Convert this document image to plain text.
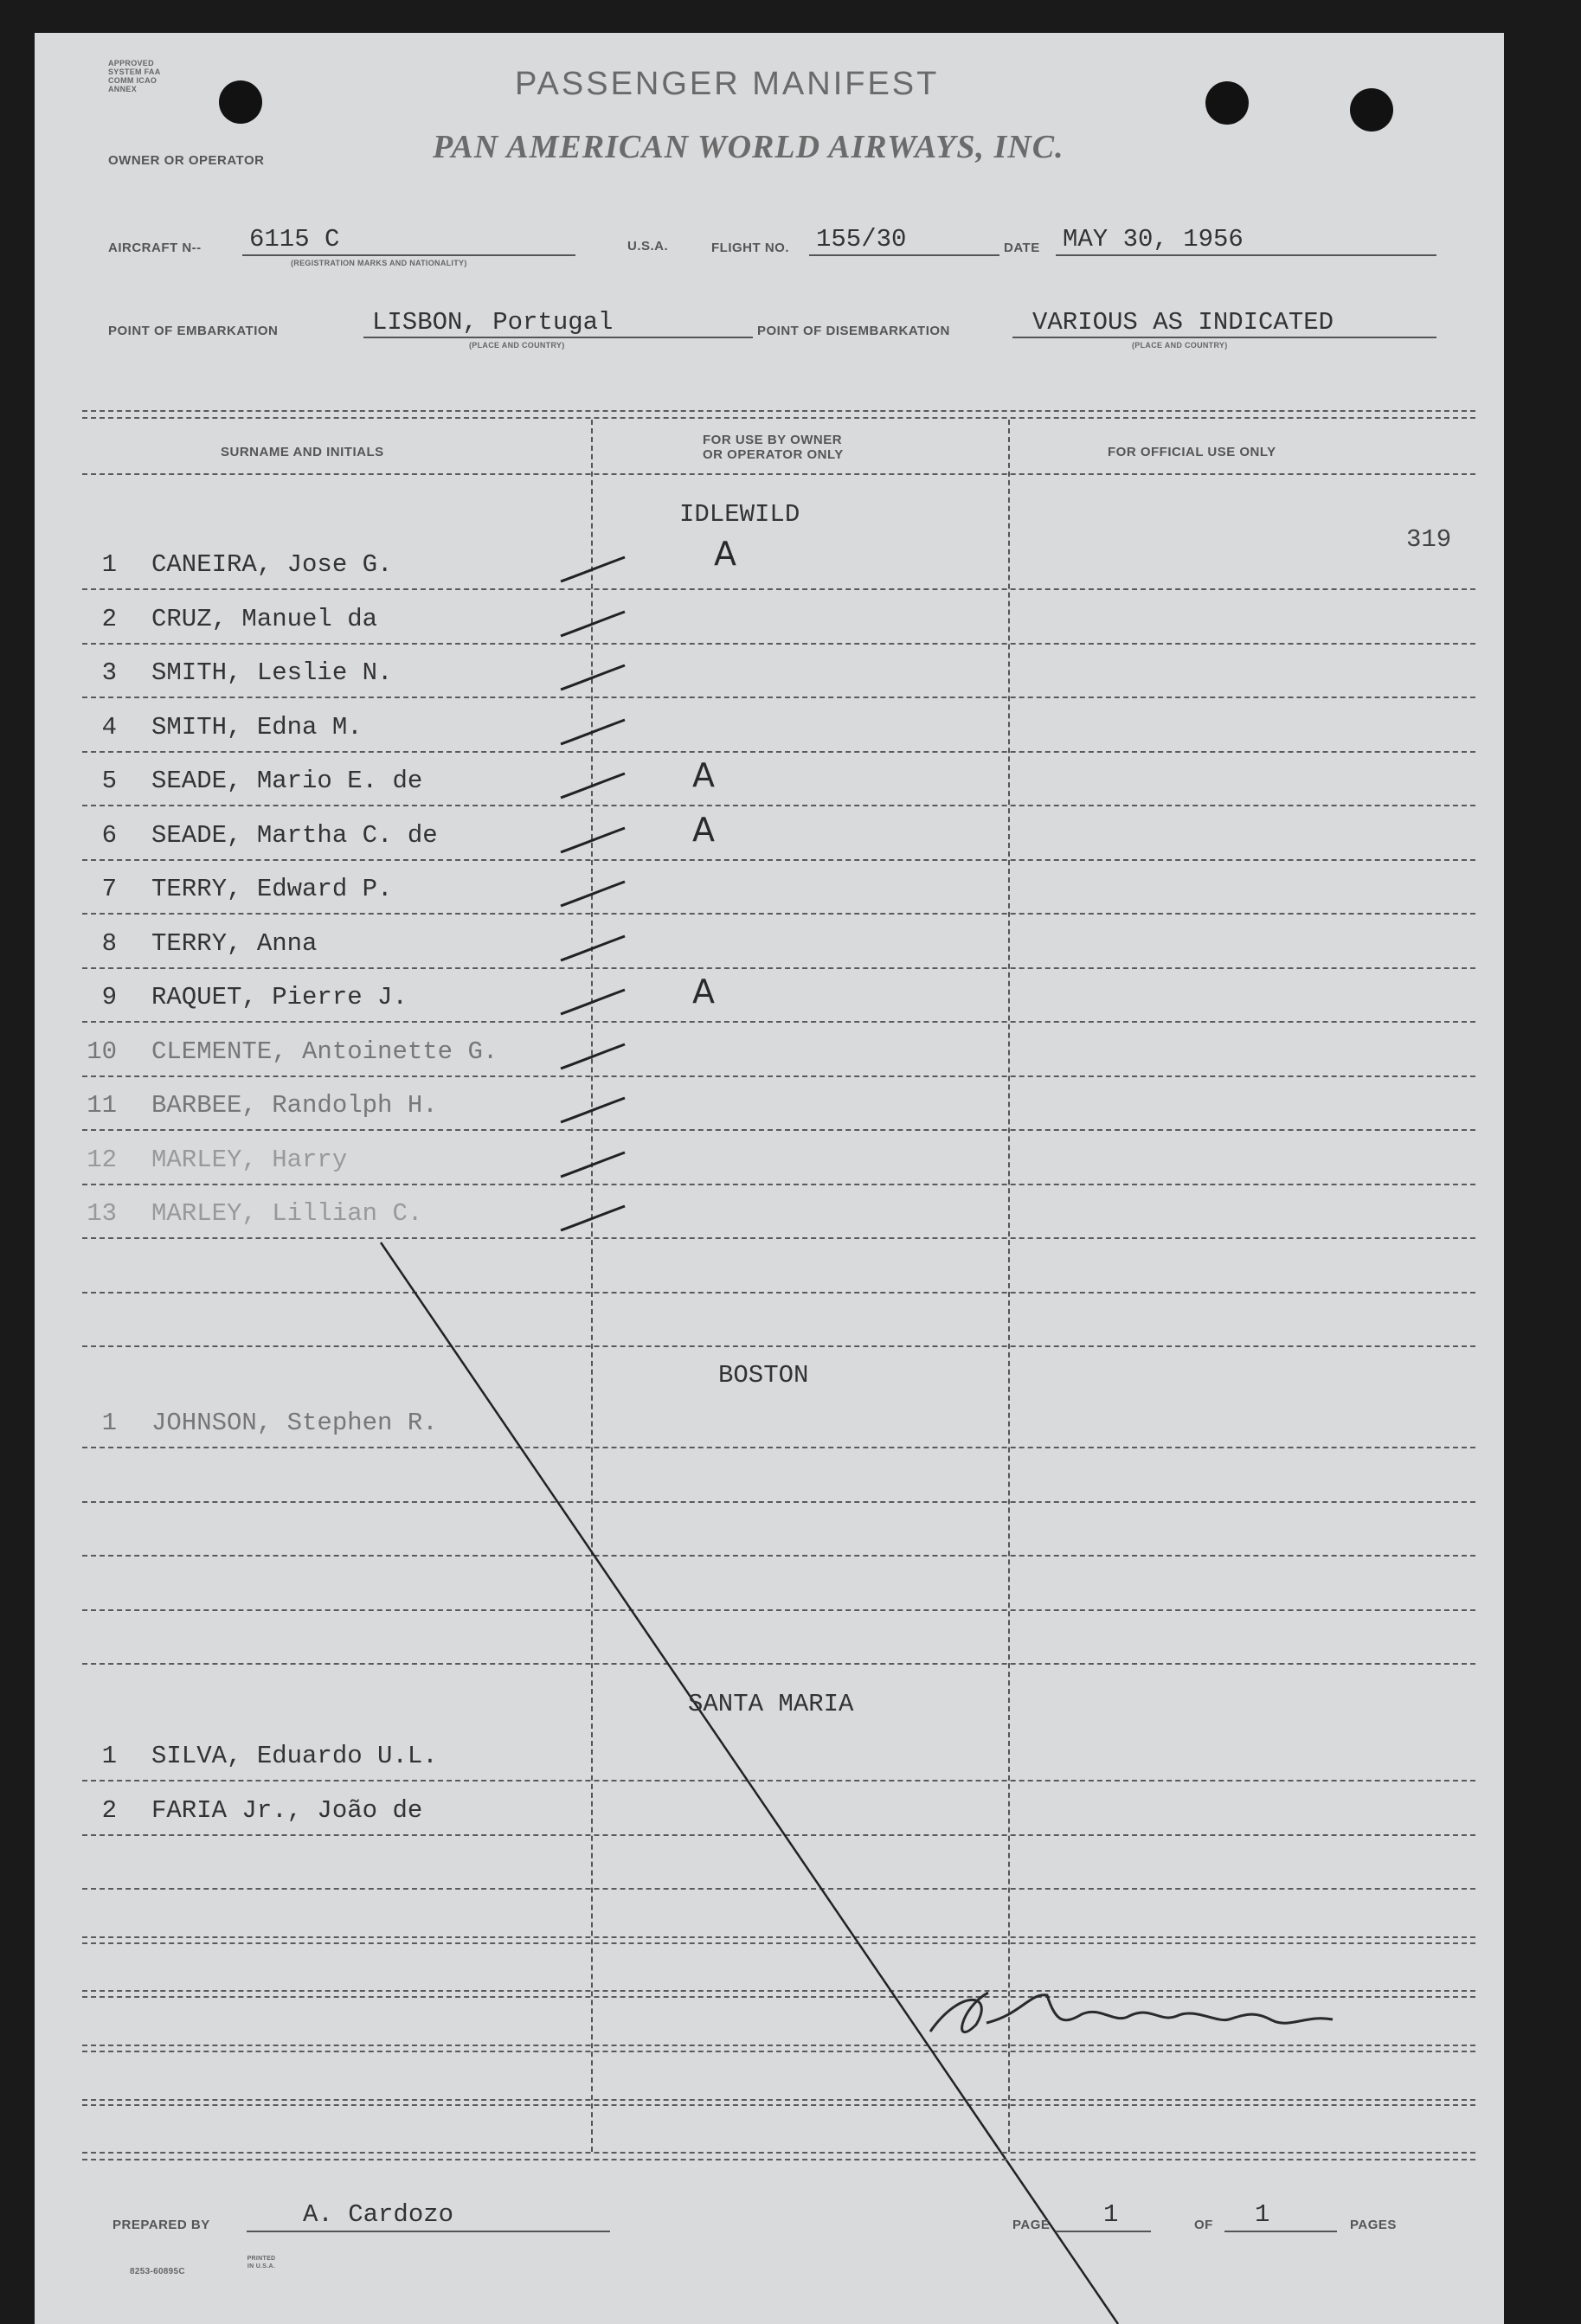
APPROVED SYSTEM FAA COMM ICAO ANNEX	PASSENGER MANIFEST
OWNER OR OPERATOR	PAN AMERICAN WORLD AIRWAYS, INC.
AIRCRAFT N-- 6115 C
(REGISTRATION MARKS AND NATIONALITY)
U.S.A.	FLIGHT NO. 155/30	DATE MAY 30, 1956
POINT OF EMBARKATION	LISBON, Portugal
(PLACE AND COUNTRY)
POINT OF DISEMBARKATION	VARIOUS AS INDICATED
(PLACE AND COUNTRY)
SURNAME AND INITIALS
FOR USE BY OWNER
OR OPERATOR ONLY	FOR OFFICIAL USE ONLY
319
1 CANEIRA, Jose G.	A
2 CRUZ, Manuel da
3 SMITH, Leslie N.
4 SMITH, Edna M.
5 SEADE, Mario E. de	A
6 SEADE, Martha C. de	A
7 TERRY, Edward P.
8 TERRY, Anna
9 RAQUET, Pierre J.	A
10 CLEMENTE, Antoinette G.
11 BARBEE, Randolph H.
12 MARLEY, Harry
13 MARLEY, Lillian C.
1 JOHNSON, Stephen R.
1 SILVA, Eduardo U.L.
2 FARIA Jr., João de
PREPARED BY	A. Cardozo	PAGE 1	OF 1	PAGES
8253-60895C
PRINTED IN U.S.A.
IDLEWILD
BOSTON
SANTA MARIA
